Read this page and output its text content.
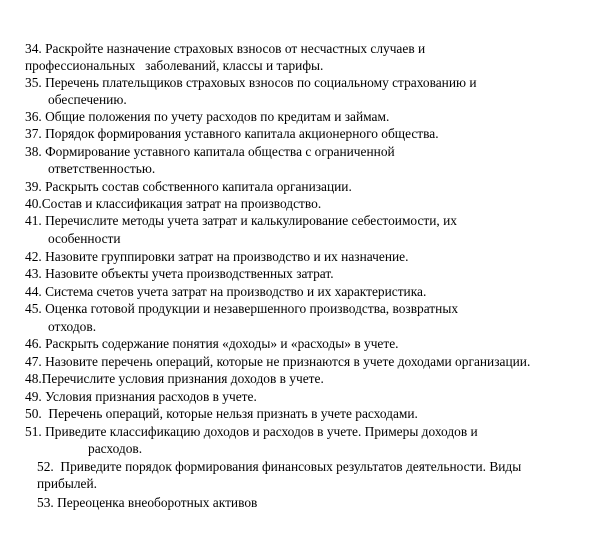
34. Раскройте назначение страховых взносов от несчастных случаев и
профессиональных   заболеваний, классы и тарифы.
35. Перечень плательщиков страховых взносов по социальному страхованию и
обеспечению.
36. Общие положения по учету расходов по кредитам и займам.
37. Порядок формирования уставного капитала акционерного общества.
38. Формирование уставного капитала общества с ограниченной
ответственностью.
39. Раскрыть состав собственного капитала организации.
40.Состав и классификация затрат на производство.
41. Перечислите методы учета затрат и калькулирование себестоимости, их
особенности
42. Назовите группировки затрат на производство и их назначение.
43. Назовите объекты учета производственных затрат.
44. Система счетов учета затрат на производство и их характеристика.
45. Оценка готовой продукции и незавершенного производства, возвратных
отходов.
46. Раскрыть содержание понятия «доходы» и «расходы» в учете.
47. Назовите перечень операций, которые не признаются в учете доходами организации.
48.Перечислите условия признания доходов в учете.
49. Условия признания расходов в учете.
50.  Перечень операций, которые нельзя признать в учете расходами.
51. Приведите классификацию доходов и расходов в учете. Примеры доходов и
расходов.
52.  Приведите порядок формирования финансовых результатов деятельности. Виды
прибылей.
53. Переоценка внеоборотных активов
